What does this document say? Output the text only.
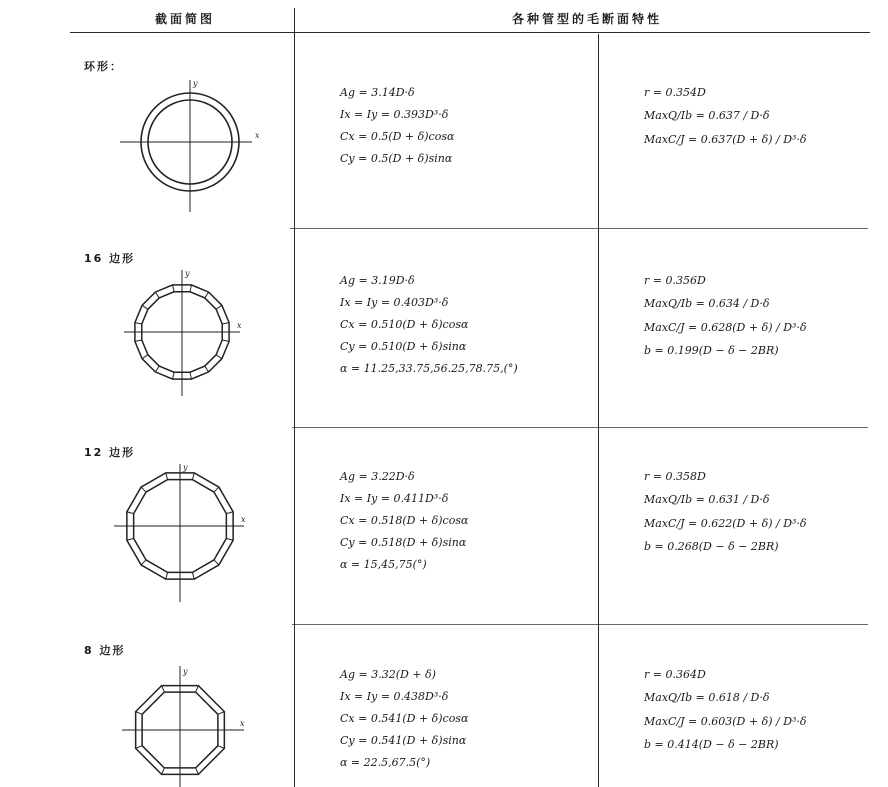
截面简图	各种管型的毛断面特性
环形：
x
y
Ag = 3.14D·δ
Ix = Iy = 0.393D³·δ
Cx = 0.5(D + δ)cosα
Cy = 0.5(D + δ)sinα
r = 0.354D
MaxQ/Ib = 0.637 / D·δ
MaxC/J = 0.637(D + δ) / D³·δ
16 边形
x
y
Ag = 3.19D·δ
Ix = Iy = 0.403D³·δ
Cx = 0.510(D + δ)cosα
Cy = 0.510(D + δ)sinα
α = 11.25,33.75,56.25,78.75,(°)
r = 0.356D
MaxQ/Ib = 0.634 / D·δ
MaxC/J = 0.628(D + δ) / D³·δ
b = 0.199(D − δ − 2BR)
12 边形
x
y
Ag = 3.22D·δ
Ix = Iy = 0.411D³·δ
Cx = 0.518(D + δ)cosα
Cy = 0.518(D + δ)sinα
α = 15,45,75(°)
r = 0.358D
MaxQ/Ib = 0.631 / D·δ
MaxC/J = 0.622(D + δ) / D³·δ
b = 0.268(D − δ − 2BR)
8 边形
x
y	Ag = 3.32(D + δ)
Ix = Iy = 0.438D³·δ
Cx = 0.541(D + δ)cosα
Cy = 0.541(D + δ)sinα
α = 22.5,67.5(°)
r = 0.364D
MaxQ/Ib = 0.618 / D·δ
MaxC/J = 0.603(D + δ) / D³·δ
b = 0.414(D − δ − 2BR)
